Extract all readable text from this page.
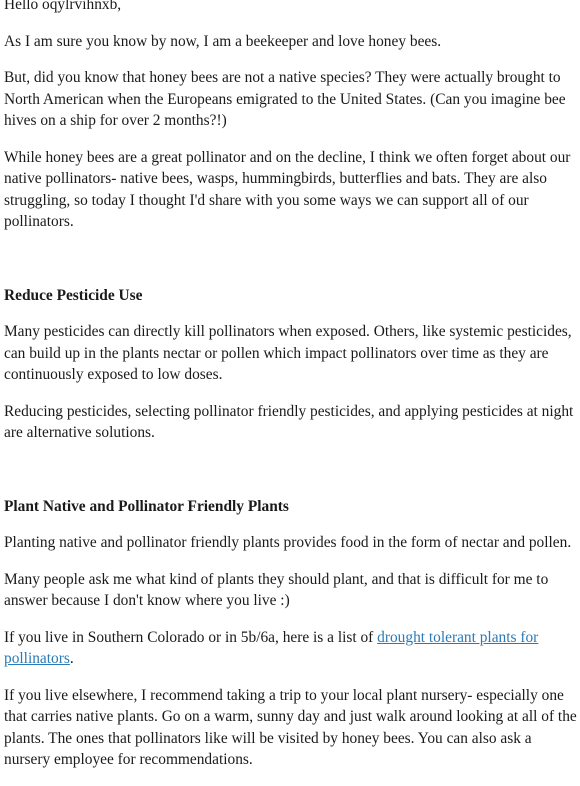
Hello oqylrvihnxb,

As I am sure you know by now, I am a beekeeper and love honey bees.

But, did you know that honey bees are not a native species? They were actually brought to North American when the Europeans emigrated to the United States. (Can you imagine bee hives on a ship for over 2 months?!)

While honey bees are a great pollinator and on the decline, I think we often forget about our native pollinators- native bees, wasps, hummingbirds, butterflies and bats. They are also struggling, so today I thought I'd share with you some ways we can support all of our pollinators.

Reduce Pesticide Use

Many pesticides can directly kill pollinators when exposed. Others, like systemic pesticides, can build up in the plants nectar or pollen which impact pollinators over time as they are continuously exposed to low doses.

Reducing pesticides, selecting pollinator friendly pesticides, and applying pesticides at night are alternative solutions.

Plant Native and Pollinator Friendly Plants

Planting native and pollinator friendly plants provides food in the form of nectar and pollen.

Many people ask me what kind of plants they should plant, and that is difficult for me to answer because I don't know where you live :)

If you live in Southern Colorado or in 5b/6a, here is a list of drought tolerant plants for pollinators.

If you live elsewhere, I recommend taking a trip to your local plant nursery- especially one that carries native plants. Go on a warm, sunny day and just walk around looking at all of the plants. The ones that pollinators like will be visited by honey bees. You can also ask a nursery employee for recommendations.
